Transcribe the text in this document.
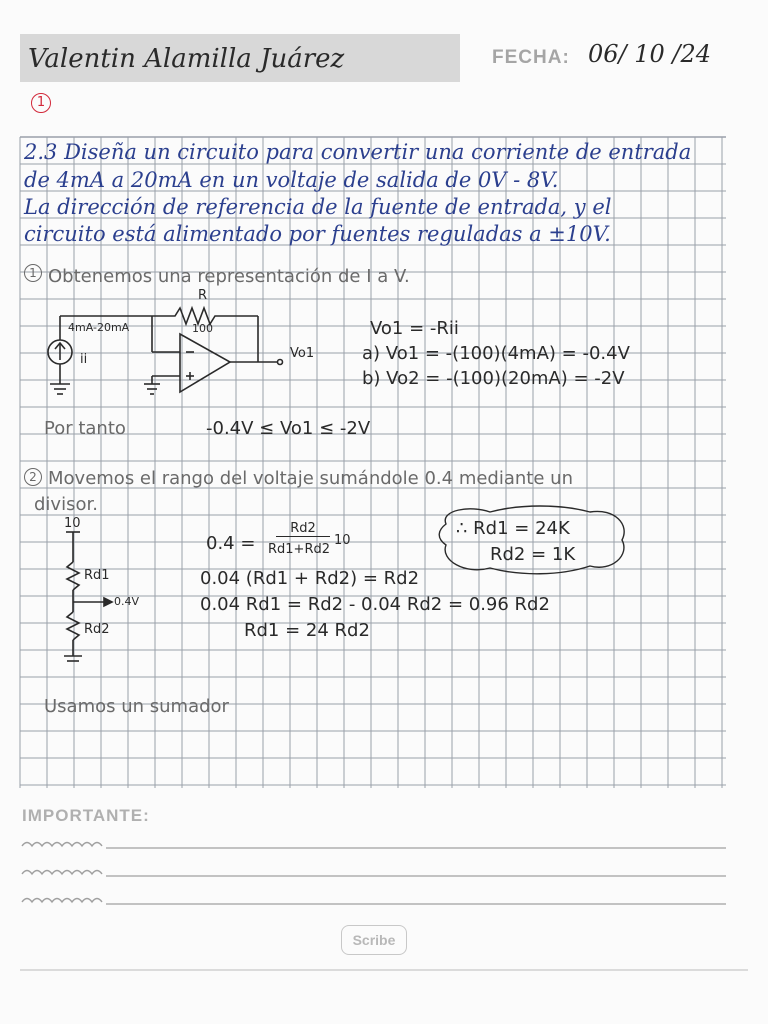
Valentin Alamilla Juárez	FECHA: 06/ 10 /24
1
2.3 Diseña un circuito para convertir una corriente de entrada
de 4mA a 20mA en un voltaje de salida de 0V - 8V.
La dirección de referencia de la fuente de entrada, y el
circuito está alimentado por fuentes reguladas a ±10V.
1 Obtenemos una representación de I a V.
4mA-20mA
ii
R
100
Vo1
Vo1 = -Rii
a) Vo1 = -(100)(4mA) = -0.4V
b) Vo2 = -(100)(20mA) = -2V
Por tanto	-0.4V ≤ Vo1 ≤ -2V
2 Movemos el rango del voltaje sumándole 0.4 mediante un
divisor.
10
Rd1
Rd2
0.4V
0.4 =
Rd2
Rd1+Rd2
10
0.04 (Rd1 + Rd2) = Rd2
0.04 Rd1 = Rd2 - 0.04 Rd2 = 0.96 Rd2
Rd1 = 24 Rd2
∴ Rd1 = 24K
Rd2 = 1K
Usamos un sumador
IMPORTANTE:
Scribe
